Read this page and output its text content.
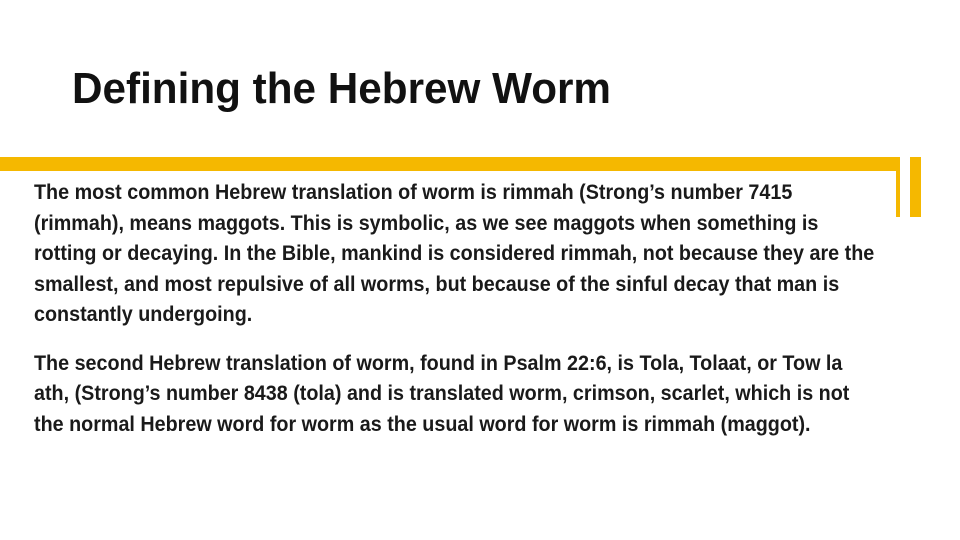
Defining the Hebrew Worm

The most common Hebrew translation of worm is rimmah (Strong’s number 7415 (rimmah), means maggots. This is symbolic, as we see maggots when something is rotting or decaying. In the Bible, mankind is considered rimmah, not because they are the smallest, and most repulsive of all worms, but because of the sinful decay that man is constantly undergoing.

The second Hebrew translation of worm, found in Psalm 22:6, is Tola, Tolaat, or Tow la ath, (Strong’s number 8438 (tola) and is translated worm, crimson, scarlet, which is not the normal Hebrew word for worm as the usual word for worm is rimmah (maggot).
